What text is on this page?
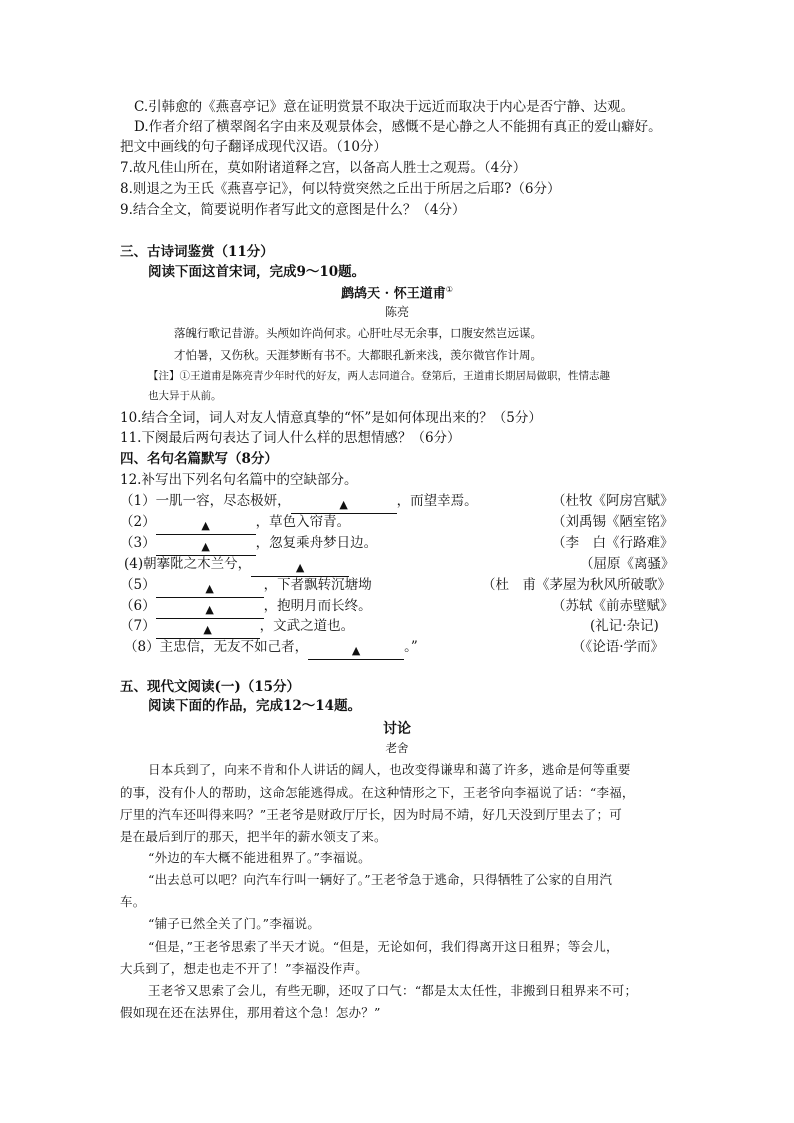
C.引韩愈的《燕喜亭记》意在证明赏景不取决于远近而取决于内心是否宁静、达观。
D.作者介绍了横翠阁名字由来及观景体会，感慨不是心静之人不能拥有真正的爱山癖好。
把文中画线的句子翻译成现代汉语。（10分）
7.故凡佳山所在，莫如附诸道释之宫，以备高人胜士之观焉。（4分）
8.则退之为王氏《燕喜亭记》，何以特赏突然之丘出于所居之后耶?（6分）
9.结合全文，简要说明作者写此文的意图是什么？（4分）
三、古诗词鉴赏（11分）
阅读下面这首宋词，完成9～10题。
鹧鸪天 · 怀王道甫①
陈亮
落魄行歌记昔游。头颅如许尚何求。心肝吐尽无余事，口腹安然岂远谋。
才怕暑，又伤秋。天涯梦断有书不。大都眼孔新来浅，羡尔微官作计周。
【注】①王道甫是陈亮青少年时代的好友，两人志同道合。登第后，王道甫长期居局做职，性情志趣
也大异于从前。
10.结合全词，词人对友人情意真挚的“怀”是如何体现出来的？（5分）
11.下阕最后两句表达了词人什么样的思想情感？（6分）
四、名句名篇默写（8分）
12.补写出下列名句名篇中的空缺部分。
（1）一肌一容，尽态极妍，	▲	，而望幸焉。	（杜牧《阿房宫赋》
（2）	▲	，草色入帘青。	（刘禹锡《陋室铭》
（3）	▲	，忽复乘舟梦日边。	（李　白《行路难》
(4)朝搴阰之木兰兮，	▲	（屈原《离骚》
（5）	▲	，下者飘转沉塘坳	（杜　甫《茅屋为秋风所破歌》
（6）	▲	，抱明月而长终。	（苏轼《前赤壁赋》
（7）	▲	，文武之道也。	(礼记·杂记)
（8）主忠信，无友不如己者，	▲	。”	（《论语·学而》
五、现代文阅读(一)（15分）
阅读下面的作品，完成12～14题。
讨论
老舍
日本兵到了，向来不肯和仆人讲话的阔人，也改变得谦卑和蔼了许多，逃命是何等重要
的事，没有仆人的帮助，这命怎能逃得成。在这种情形之下，王老爷向李福说了话：“李福，
厅里的汽车还叫得来吗？”王老爷是财政厅厅长，因为时局不靖，好几天没到厅里去了；可
是在最后到厅的那天，把半年的薪水领支了来。
“外边的车大概不能进租界了。”李福说。
“出去总可以吧？向汽车行叫一辆好了。”王老爷急于逃命，只得牺牲了公家的自用汽
车。
“铺子已然全关了门。”李福说。
“但是，”王老爷思索了半天才说。“但是，无论如何，我们得离开这日租界；等会儿，
大兵到了，想走也走不开了！”李福没作声。
王老爷又思索了会儿，有些无聊，还叹了口气：“都是太太任性，非搬到日租界来不可；
假如现在还在法界住，那用着这个急！怎办？”
